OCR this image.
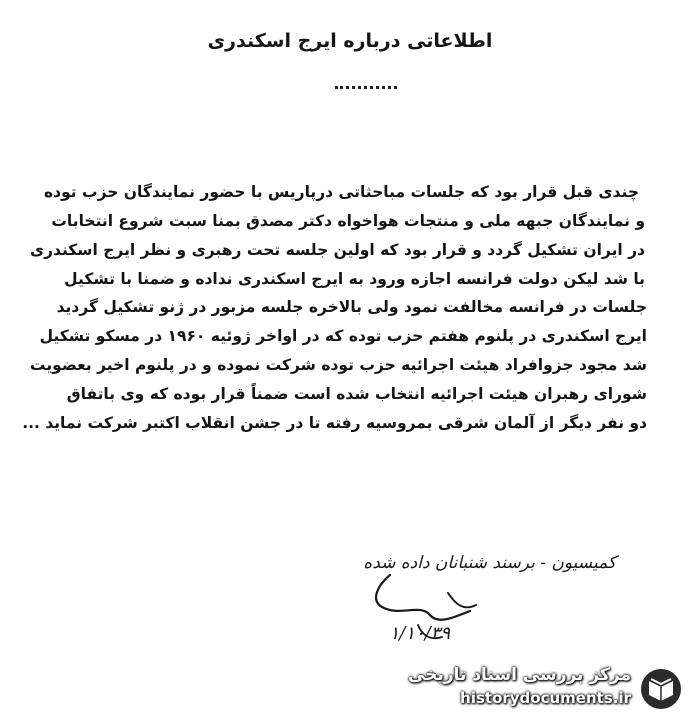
اطلاعاتی درباره ایرج اسکندری
چندی قبل قرار بود که جلسات مباحثاتی درپاریس با حضور نمایندگان حزب توده
و نمایندگان جبهه ملی و منتجات هواخواه دکتر مصدق بمنا سبت شروع انتخابات
در ایران تشکیل گردد و قرار بود که اولین جلسه تحت رهبری و نظر ایرج اسکندری
با شد لیکن دولت فرانسه اجازه ورود به ایرج اسکندری نداده و ضمنا با تشکیل
جلسات در فرانسه مخالفت نمود ولی بالاخره جلسه مزبور در ژنو تشکیل گردید
ایرج اسکندری در پلنوم هفتم حزب توده که در اواخر ژوئیه ۱۹۶۰ در مسکو تشکیل
شد مجود جزوافراد هیئت اجرائیه حزب توده شرکت نموده و در پلنوم اخیر بعضویت
شورای رهبران هیئت اجرائیه انتخاب شده است ضمناً قرار بوده که وی باتفاق
دو نفر دیگر از آلمان شرقی بمروسیه رفته تا در جشن انقلاب اکتبر شرکت نماید ...
کمیسیون - برسند شنبانان داده شده
۱/۱۰/۳۹
مرکز بررسی اسناد تاریخی
historydocuments.ir
